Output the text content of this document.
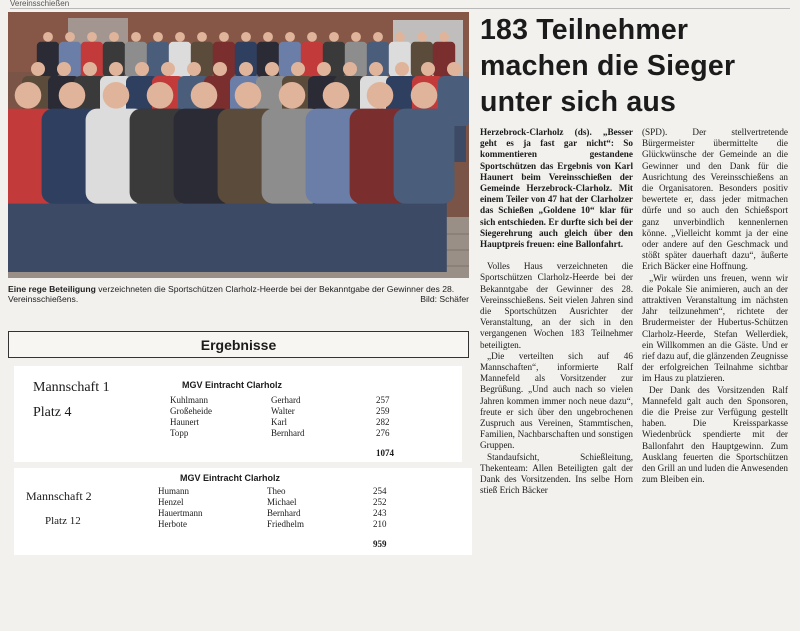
Vereinsschießen
Eine rege Beteiligung verzeichneten die Sportschützen Clarholz-Heerde bei der Bekanntgabe der Gewinner des 28. Vereinsschießens.	Bild: Schäfer
Ergebnisse
Mannschaft 1
Platz 4
MGV Eintracht Clarholz
Kuhlmann	Gerhard	257
Großeheide	Walter	259
Haunert	Karl	282
Topp	Bernhard	276
1074
Mannschaft 2
Platz 12
MGV Eintracht Clarholz
Humann	Theo	254
Henzel	Michael	252
Hauertmann	Bernhard	243
Herbote	Friedhelm	210
959
183 Teilnehmer machen die Sieger unter sich aus

Herzebrock-Clarholz (ds). „Besser geht es ja fast gar nicht“: So kommentieren gestandene Sportschützen das Ergebnis von Karl Haunert beim Vereinsschießen der Gemeinde Herzebrock-Clarholz. Mit einem Teiler von 47 hat der Clarholzer das Schießen „Goldene 10“ klar für sich entschieden. Er durfte sich bei der Siegerehrung auch gleich über den Hauptpreis freuen: eine Ballonfahrt.

Volles Haus verzeichneten die Sportschützen Clarholz-Heerde bei der Bekanntgabe der Gewinner des 28. Vereinsschießens. Seit vielen Jahren sind die Sportschützen Ausrichter der Veranstaltung, an der sich in den vergangenen Wochen 183 Teilnehmer beteiligten.

„Die verteilten sich auf 46 Mannschaften“, informierte Ralf Mannefeld als Vorsitzender zur Begrüßung. „Und auch nach so vielen Jahren kommen immer noch neue dazu“, freute er sich über den ungebrochenen Zuspruch aus Vereinen, Stammtischen, Familien, Nachbarschaften und sonstigen Gruppen.

Standaufsicht, Schießleitung, Thekenteam: Allen Beteiligten galt der Dank des Vorsitzenden. Ins selbe Horn stieß Erich Bäcker

(SPD). Der stellvertretende Bürgermeister übermittelte die Glückwünsche der Gemeinde an die Gewinner und den Dank für die Ausrichtung des Vereinsschießens an die Organisatoren. Besonders positiv bewertete er, dass jeder mitmachen dürfe und so auch den Schießsport ganz unverbindlich kennenlernen könne. „Vielleicht kommt ja der eine oder andere auf den Geschmack und stößt später dauerhaft dazu“, äußerte Erich Bäcker eine Hoffnung.

„Wir würden uns freuen, wenn wir die Pokale Sie animieren, auch an der attraktiven Veranstaltung im nächsten Jahr teilzunehmen“, richtete der Brudermeister der Hubertus-Schützen Clarholz-Heerde, Stefan Wellerdiek, ein Willkommen an die Gäste. Und er rief dazu auf, die glänzenden Zeugnisse der erfolgreichen Teilnahme sichtbar im Haus zu platzieren.

Der Dank des Vorsitzenden Ralf Mannefeld galt auch den Sponsoren, die die Preise zur Verfügung gestellt haben. Die Kreissparkasse Wiedenbrück spendierte mit der Ballonfahrt den Hauptgewinn. Zum Ausklang feuerten die Sportschützen den Grill an und luden die Anwesenden zum Bleiben ein.
